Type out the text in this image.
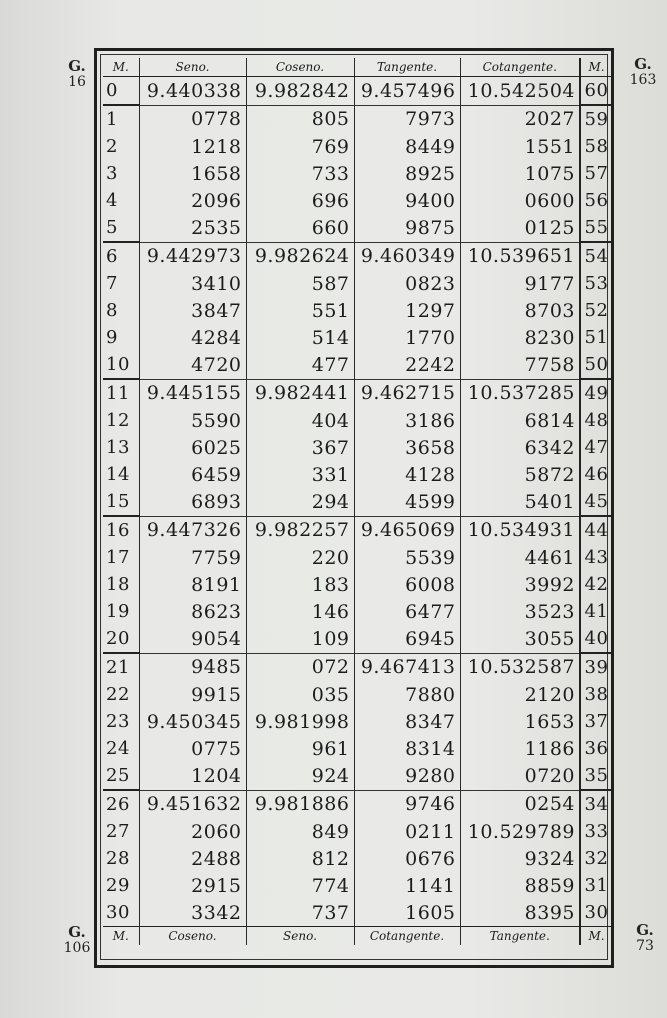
G.
16
G.
163
G.
106
G.
73
M.	Seno.	Coseno.	Tangente.	Cotangente.	M.
0	9.440338	9.982842	9.457496	10.542504	60
1	0778	805	7973	2027	59
2	1218	769	8449	1551	58
3	1658	733	8925	1075	57
4	2096	696	9400	0600	56
5	2535	660	9875	0125	55
6	9.442973	9.982624	9.460349	10.539651	54
7	3410	587	0823	9177	53
8	3847	551	1297	8703	52
9	4284	514	1770	8230	51
10	4720	477	2242	7758	50
11	9.445155	9.982441	9.462715	10.537285	49
12	5590	404	3186	6814	48
13	6025	367	3658	6342	47
14	6459	331	4128	5872	46
15	6893	294	4599	5401	45
16	9.447326	9.982257	9.465069	10.534931	44
17	7759	220	5539	4461	43
18	8191	183	6008	3992	42
19	8623	146	6477	3523	41
20	9054	109	6945	3055	40
21	9485	072	9.467413	10.532587	39
22	9915	035	7880	2120	38
23	9.450345	9.981998	8347	1653	37
24	0775	961	8314	1186	36
25	1204	924	9280	0720	35
26	9.451632	9.981886	9746	0254	34
27	2060	849	0211	10.529789	33
28	2488	812	0676	9324	32
29	2915	774	1141	8859	31
30	3342	737	1605	8395	30
M.	Coseno.	Seno.	Cotangente.	Tangente.	M.
